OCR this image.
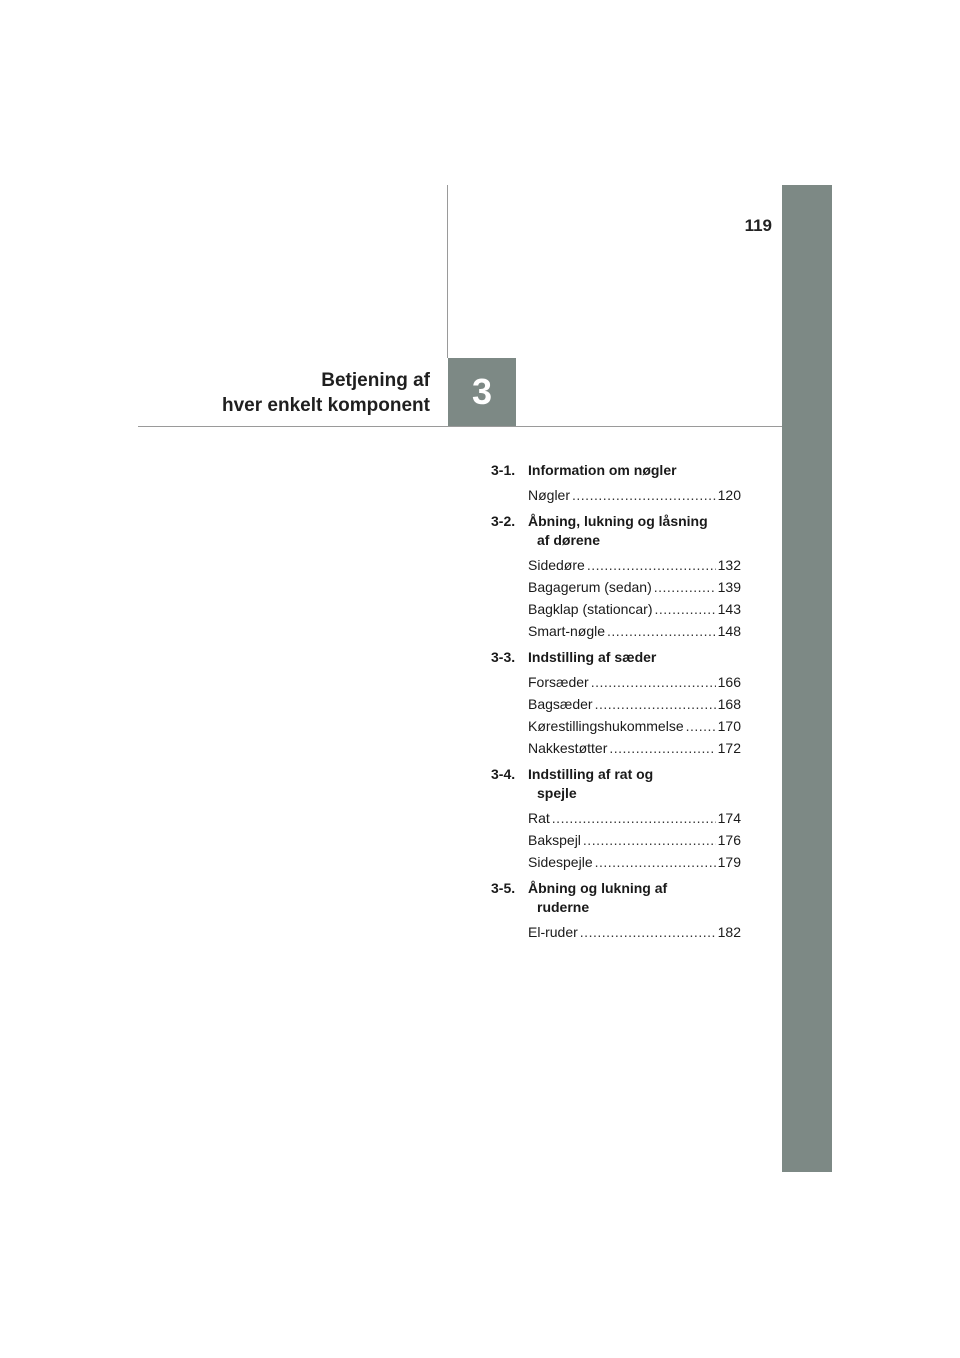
119
Betjening af
hver enkelt komponent	3
3-1. Information om nøgler
Nøgler .....	120
3-2. Åbning, lukning og låsning
af dørene
Sidedøre .....	132
Bagagerum (sedan) .....	139
Bagklap (stationcar) .....	143
Smart-nøgle .....	148
3-3. Indstilling af sæder
Forsæder .....	166
Bagsæder .....	168
Kørestillingshukommelse ..... 170
Nakkestøtter .....	172
3-4. Indstilling af rat og
spejle
Rat .....	174
Bakspejl .....	176
Sidespejle .....	179
3-5. Åbning og lukning af
ruderne
El-ruder .....	182
